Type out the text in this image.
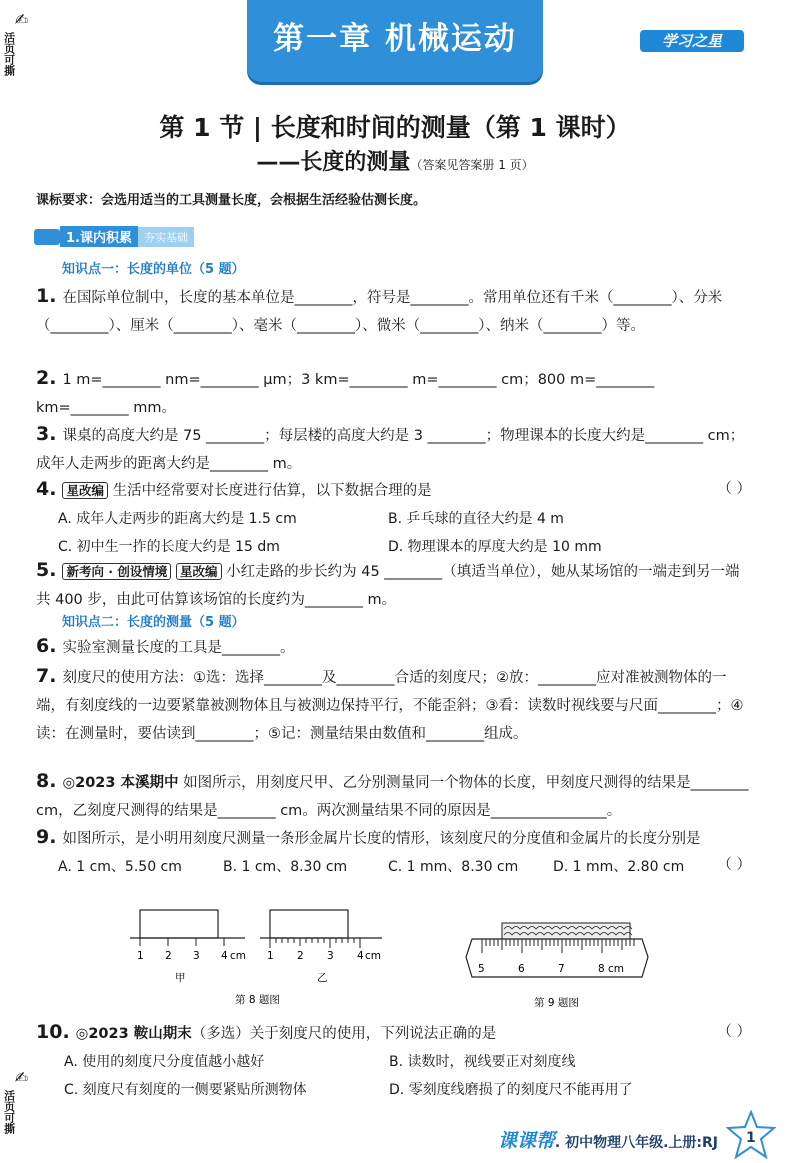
✍
活页可撕
✍
活页可撕
第一章 机械运动	学习之星
第 1 节 | 长度和时间的测量（第 1 课时）
——长度的测量（答案见答案册 1 页）
课标要求：会选用适当的工具测量长度，会根据生活经验估测长度。
1.课内积累 夯实基础
知识点一：长度的单位（5 题）
1. 在国际单位制中，长度的基本单位是________，符号是________。常用单位还有千米（________）、分米（________）、厘米（________）、毫米（________）、微米（________）、纳米（________）等。
2. 1 m=________ nm=________ μm；3 km=________ m=________ cm；800 m=________ km=________ mm。
3. 课桌的高度大约是 75 ________；每层楼的高度大约是 3 ________；物理课本的长度大约是________ cm；成年人走两步的距离大约是________ m。
4. 星改编 生活中经常要对长度进行估算，以下数据合理的是	（ ）
A. 成年人走两步的距离大约是 1.5 cm	B. 乒乓球的直径大约是 4 m
C. 初中生一拃的长度大约是 15 dm	D. 物理课本的厚度大约是 10 mm
5. 新考向 · 创设情境 星改编 小红走路的步长约为 45 ________（填适当单位），她从某场馆的一端走到另一端共 400 步，由此可估算该场馆的长度约为________ m。
知识点二：长度的测量（5 题）
6. 实验室测量长度的工具是________。
7. 刻度尺的使用方法：①选：选择________及________合适的刻度尺；②放：________应对准被测物体的一端，有刻度线的一边要紧靠被测物体且与被测边保持平行，不能歪斜；③看：读数时视线要与尺面________；④读：在测量时，要估读到________；⑤记：测量结果由数值和________组成。
8. ◎2023 本溪期中 如图所示，用刻度尺甲、乙分别测量同一个物体的长度，甲刻度尺测得的结果是________ cm，乙刻度尺测得的结果是________ cm。两次测量结果不同的原因是________________。
9. 如图所示，是小明用刻度尺测量一条形金属片长度的情形，该刻度尺的分度值和金属片的长度分别是
（ ）
A. 1 cm、5.50 cm	B. 1 cm、8.30 cm	C. 1 mm、8.30 cm D. 1 mm、2.80 cm
1 2 3 4 cm
甲
1 2 3 4 cm
乙
第 8 题图
5	6	7	8 cm
第 9 题图
10. ◎2023 鞍山期末（多选）关于刻度尺的使用，下列说法正确的是	（ ）
A. 使用的刻度尺分度值越小越好	B. 读数时，视线要正对刻度线
C. 刻度尺有刻度的一侧要紧贴所测物体	D. 零刻度线磨损了的刻度尺不能再用了
课课帮. 初中物理八年级.上册:RJ 1
